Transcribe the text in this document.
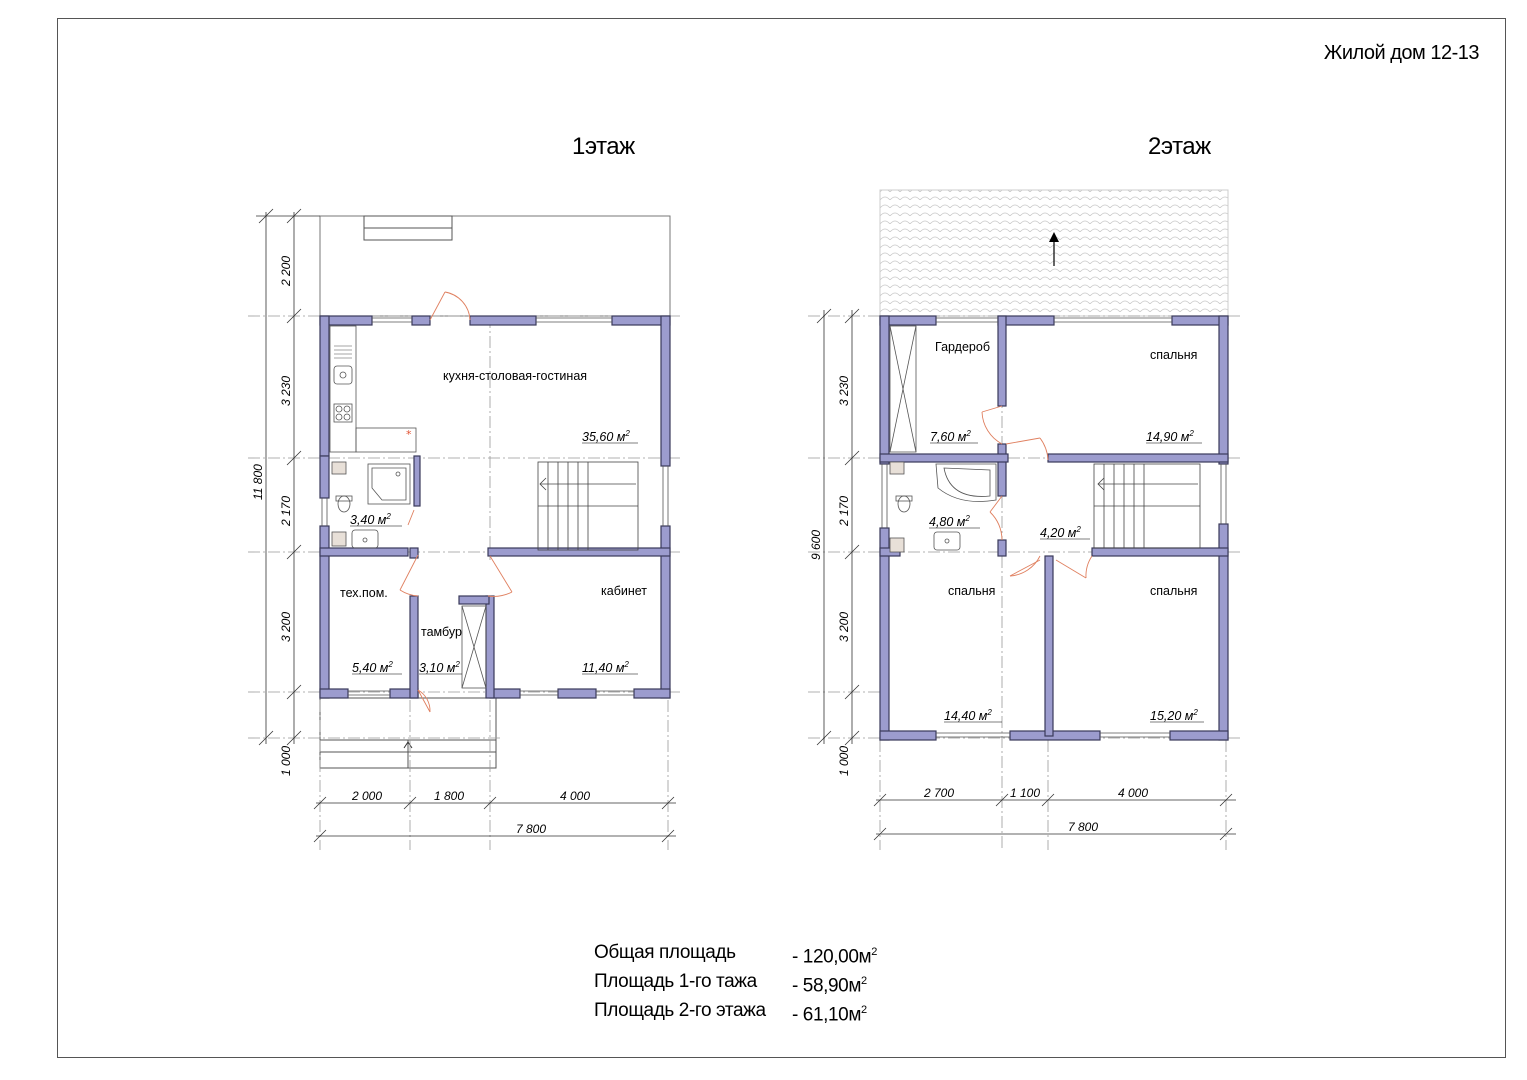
Жилой дом 12-13
1этаж	2этаж
*
кухня-столовая-гостиная
35,60 $м^2$
3,40 $м^2$
тех.пом.
5,40 $м^2$
тамбур
3,10 $м^2$
кабинет
11,40 $м^2$
11 800
2 200
3 230
2 170
3 200
1 000
2 000	1 800	4 000
7 800
Гардероб
7,60 $м^2$
спальня
14,90 $м^2$
4,80 $м^2$
4,20 $м^2$
спальня
14,40 $м^2$
спальня
15,20 $м^2$
9 600
3 230
2 170
3 200
1 000
2 700	1 100	4 000
7 800
Общая площадь	- $120,00м^2$
Площадь 1-го тажа	- $58,90м^2$
Площадь 2-го этажа	- $61,10м^2$
